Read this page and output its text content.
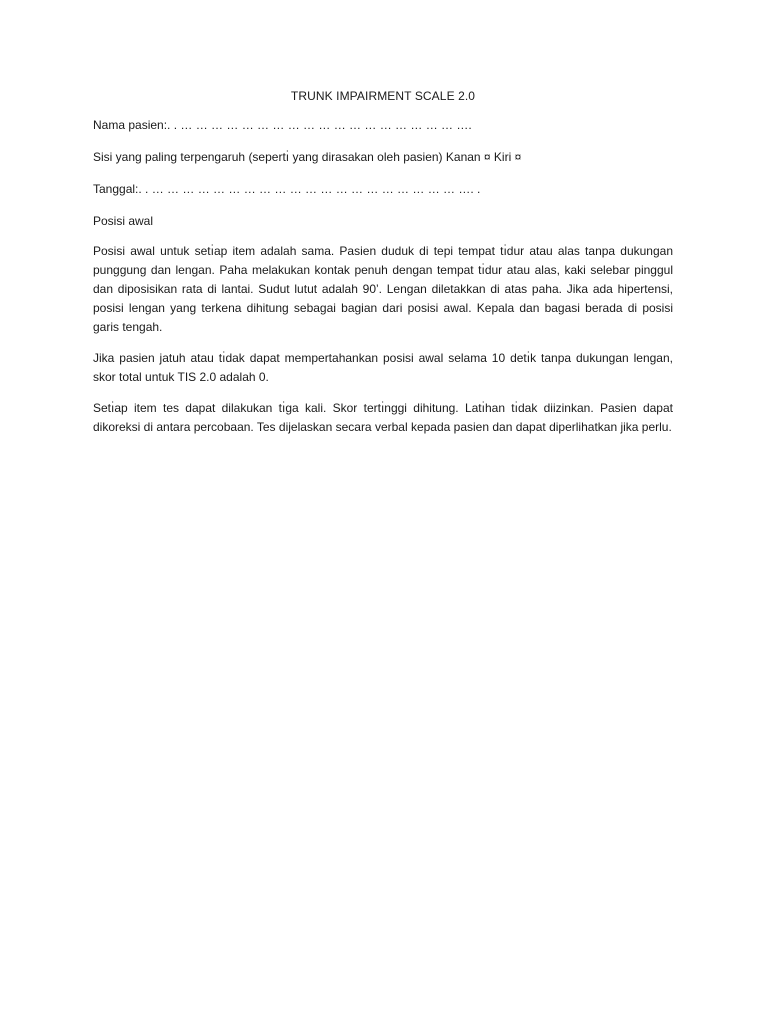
TRUNK IMPAIRMENT SCALE 2.0
Nama pasien:. . … … … … … … … … … … … … … … … … … … ….
Sisi yang paling terpengaruh (sepertı̇ yang dirasakan oleh pasien) Kanan ¤ Kiri ¤
Tanggal:. . … … … … … … … … … … … … … … … … … … … … …. .
Posisi awal

Posisi awal untuk setı̇ap item adalah sama. Pasien duduk di tepi tempat tı̇dur atau alas tanpa dukungan punggung dan lengan. Paha melakukan kontak penuh dengan tempat tı̇dur atau alas, kaki selebar pinggul dan diposisikan rata di lantai. Sudut lutut adalah 90’. Lengan diletakkan di atas paha. Jika ada hipertensi, posisi lengan yang terkena dihitung sebagai bagian dari posisi awal. Kepala dan bagasi berada di posisi garis tengah.

Jika pasien jatuh atau tı̇dak dapat mempertahankan posisi awal selama 10 detı̇k tanpa dukungan lengan, skor total untuk TIS 2.0 adalah 0.

Setı̇ap item tes dapat dilakukan tı̇ga kali. Skor tertı̇nggi dihitung. Latı̇han tı̇dak diizinkan. Pasien dapat dikoreksi di antara percobaan. Tes dijelaskan secara verbal kepada pasien dan dapat diperlihatkan jika perlu.
